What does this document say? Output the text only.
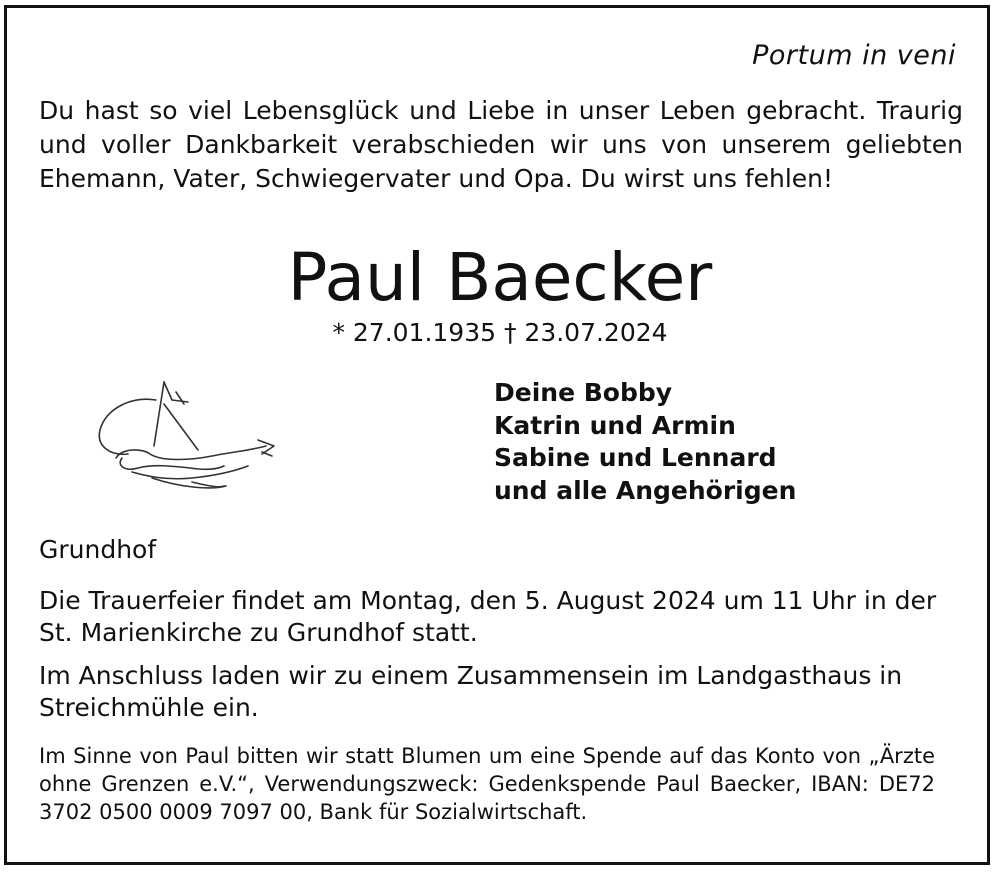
Portum in veni
Du hast so viel Lebensglück und Liebe in unser Leben gebracht. Traurig und voller Dankbarkeit verabschieden wir uns von unserem geliebten Ehemann, Vater, Schwiegervater und Opa. Du wirst uns fehlen!
Paul Baecker
* 27.01.1935 † 23.07.2024
Deine Bobby
Katrin und Armin
Sabine und Lennard
und alle Angehörigen
Grundhof
Die Trauerfeier findet am Montag, den 5. August 2024 um 11 Uhr in der St. Marienkirche zu Grundhof statt.
Im Anschluss laden wir zu einem Zusammensein im Landgasthaus in Streichmühle ein.
Im Sinne von Paul bitten wir statt Blumen um eine Spende auf das Konto von „Ärzte ohne Grenzen e.V.“, Verwendungszweck: Gedenkspende Paul Baecker, IBAN: DE72 3702 0500 0009 7097 00, Bank für Sozialwirtschaft.
